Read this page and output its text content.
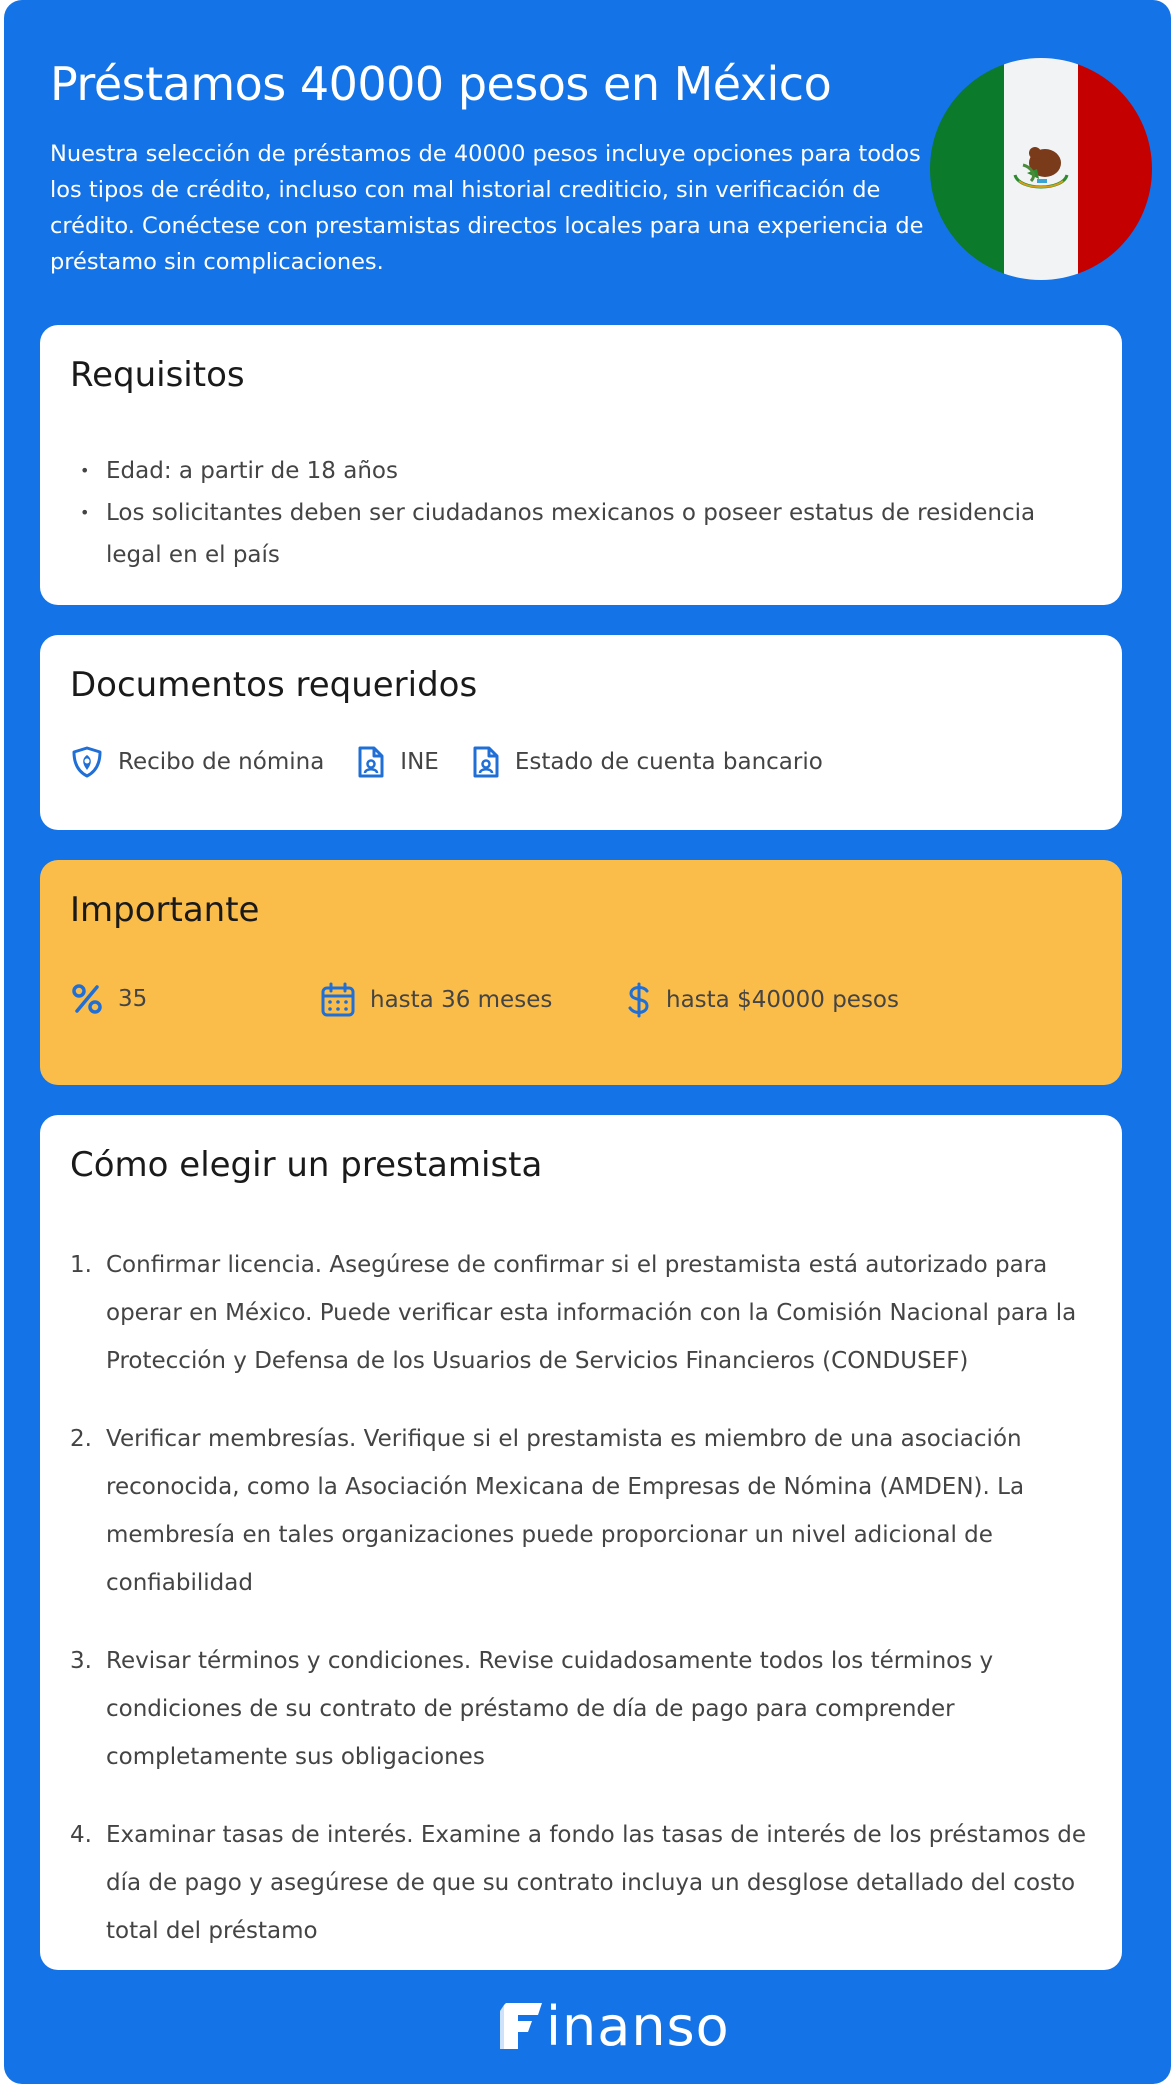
Préstamos 40000 pesos en México

Nuestra selección de préstamos de 40000 pesos incluye opciones para todos los tipos de crédito, incluso con mal historial crediticio, sin verificación de crédito. Conéctese con prestamistas directos locales para una experiencia de préstamo sin complicaciones.

Requisitos
• Edad: a partir de 18 años
• Los solicitantes deben ser ciudadanos mexicanos o poseer estatus de residencia legal en el país
Documentos requeridos
Recibo de nómina	INE	Estado de cuenta bancario
Importante
35	hasta 36 meses	hasta $40000 pesos
Cómo elegir un prestamista
1. Confirmar licencia. Asegúrese de confirmar si el prestamista está autorizado para operar en México. Puede verificar esta información con la Comisión Nacional para la Protección y Defensa de los Usuarios de Servicios Financieros (CONDUSEF)
2. Verificar membresías. Verifique si el prestamista es miembro de una asociación reconocida, como la Asociación Mexicana de Empresas de Nómina (AMDEN). La membresía en tales organizaciones puede proporcionar un nivel adicional de confiabilidad
3. Revisar términos y condiciones. Revise cuidadosamente todos los términos y condiciones de su contrato de préstamo de día de pago para comprender completamente sus obligaciones
4. Examinar tasas de interés. Examine a fondo las tasas de interés de los préstamos de día de pago y asegúrese de que su contrato incluya un desglose detallado del costo total del préstamo
inanso
